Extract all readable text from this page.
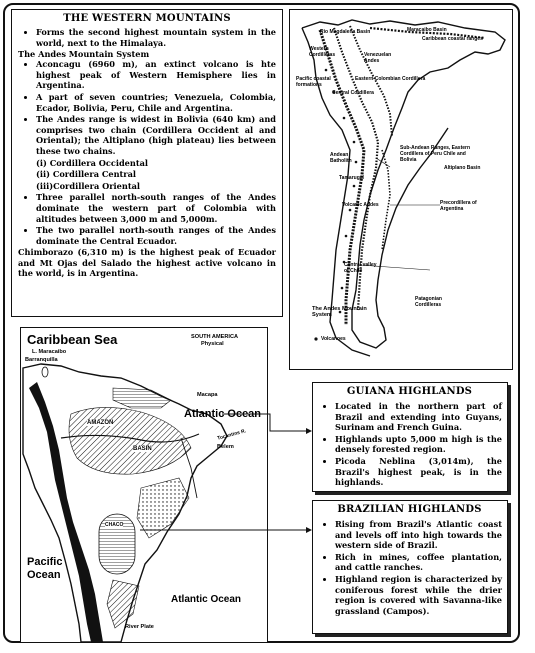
THE WESTERN MOUNTAINS
• Forms the second highest mountain system in the world, next to the Himalaya.

The Andes Mountain System

• Aconcagu (6960 m), an extinct volcano is hte highest peak of Western Hemisphere lies in Argentina.
• A part of seven countries; Venezuela, Colombia, Ecador, Bolivia, Peru, Chile and Argentina.
• The Andes range is widest in Bolivia (640 km) and comprises two chain (Cordillera Occident al and Oriental); the Altiplano (high plateau) lies between these two chains.
(i) Cordillera Occidental
(ii) Cordillera Central
(iii)Cordillera Oriental
• Three parallel north-south ranges of the Andes dominate the western part of Colombia with altitudes between 3,000 m and 5,000m.
• The two parallel north-south ranges of the Andes dominate the Central Ecuador.

Chimborazo (6,310 m) is the highest peak of Ecuador and Mt Ojas del Salado the highest active volcano in the world, is in Argentina.

Rio Magdalena Basin	Maracaibo Basin
Caribbean coastal ranges
Western Cordilleras	Venezuelan Andes
Pacific coastal formations
Eastern Colombian Cordillera
Central Cordillera
Sub-Andean Ranges, Eastern Cordillera of Peru Chile and Bolivia
Andean Batholith
Altiplano Basin
Tamarugal
Volcanic Andes	Precordillera of Argentina
Central valley of Chile
The Andes Mountain System
Patagonian Cordilleras
Volcanoes
Caribbean Sea
L. Maracaibo
Barranquilla
SOUTH AMERICA
Physical
Macapa
Atlantic Ocean
Tocantins R.
Belem
AMAZON
BASIN
CHACO
Pacific Ocean
Atlantic Ocean
River Plate
GUIANA HIGHLANDS
• Located in the northern part of Brazil and extending into Guyans, Surinam and French Guina.
• Highlands upto 5,000 m high is the densely forested region.
• Picoda Neblina (3,014m), the Brazil's highest peak, is in the highlands.
BRAZILIAN HIGHLANDS
• Rising from Brazil's Atlantic coast and levels off into high towards the western side of Brazil.
• Rich in mines, coffee plantation, and cattle ranches.
• Highland region is characterized by coniferous forest while the drier region is covered with Savanna-like grassland (Campos).
